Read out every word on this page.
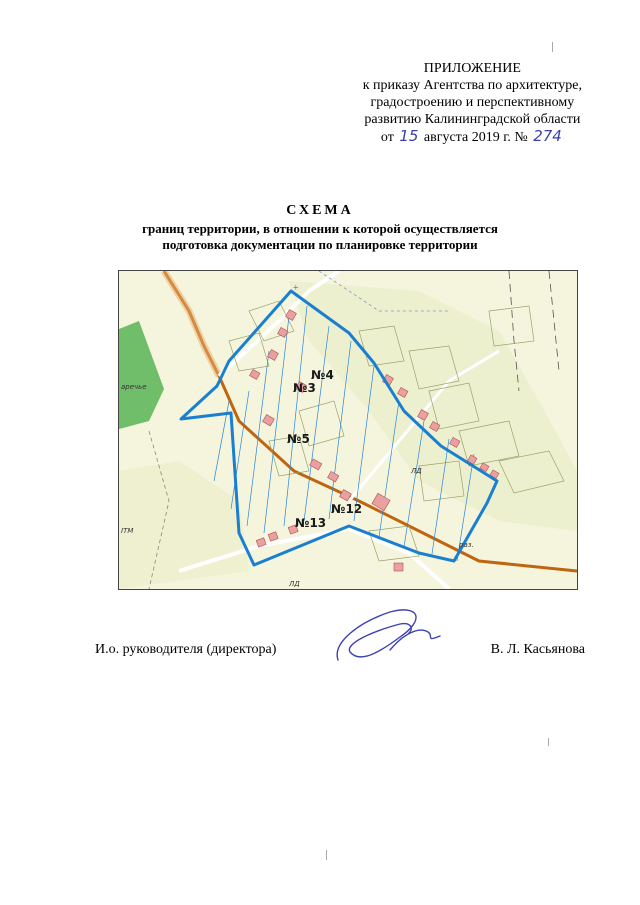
ПРИЛОЖЕНИЕ
к приказу Агентства по архитектуре,
градостроению и перспективному
развитию Калининградской области
от 15 августа 2019 г. № 274
СХЕМА
границ территории, в отношении к которой осуществляется
подготовка документации по планировке территории
+
№4
№3
№5
№12
№13
аречье
ITM
раз.
ЛД
ЛД
И.о. руководителя (директора)	В. Л. Касьянова
